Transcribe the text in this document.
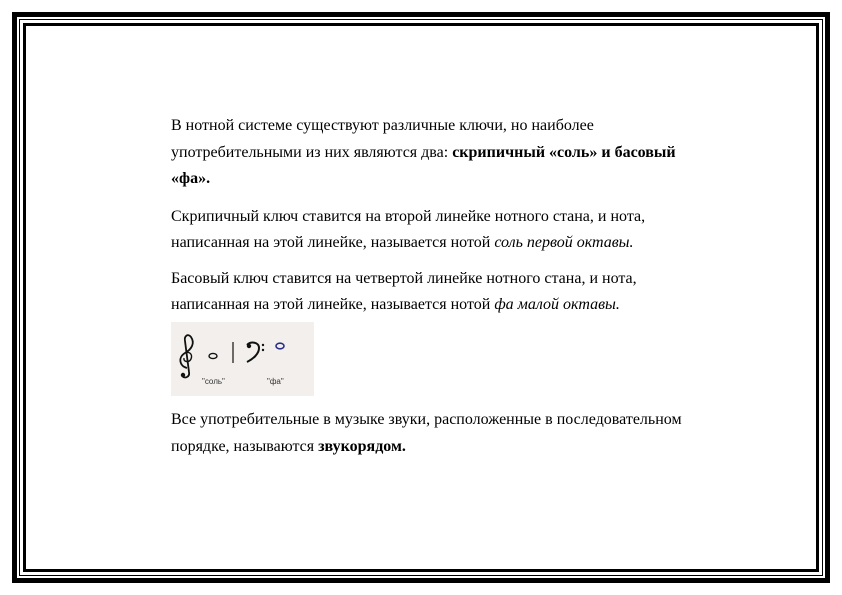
В нотной системе существуют различные ключи, но наиболее употребительными из них являются два: скрипичный «соль» и басовый «фа».

Скрипичный ключ ставится на второй линейке нотного стана, и нота, написанная на этой линейке, называется нотой соль первой октавы.

Басовый ключ ставится на четвертой линейке нотного стана, и нота, написанная на этой линейке, называется нотой фа малой октавы.

"соль"	"фа"

Все употребительные в музыке звуки, расположенные в последовательном порядке, называются звукорядом.
